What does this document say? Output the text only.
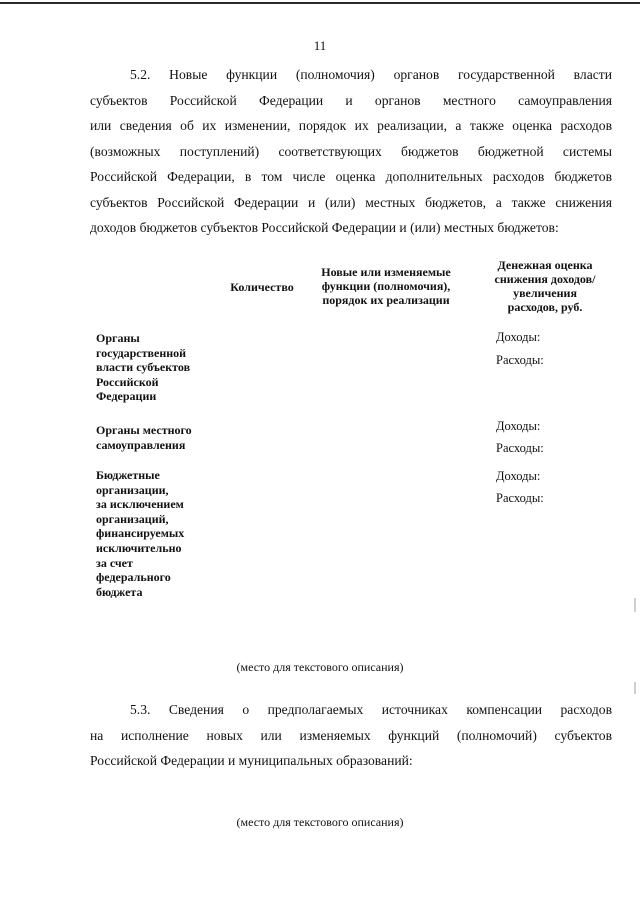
11
5.2. Новые функции (полномочия) органов государственной власти
субъектов Российской Федерации и органов местного самоуправления
или сведения об их изменении, порядок их реализации, а также оценка расходов
(возможных поступлений) соответствующих бюджетов бюджетной системы
Российской Федерации, в том числе оценка дополнительных расходов бюджетов
субъектов Российской Федерации и (или) местных бюджетов, а также снижения
доходов бюджетов субъектов Российской Федерации и (или) местных бюджетов:
Количество
Новые или изменяемые
функции (полномочия),
порядок их реализации
Денежная оценка
снижения доходов/
увеличения
расходов, руб.
Органы
государственной
власти субъектов
Российской
Федерации
Доходы:
Расходы:
Органы местного
самоуправления
Доходы:
Расходы:
Бюджетные
организации,
за исключением
организаций,
финансируемых
исключительно
за счет
федерального
бюджета
Доходы:
Расходы:
(место для текстового описания)
5.3. Сведения о предполагаемых источниках компенсации расходов
на исполнение новых или изменяемых функций (полномочий) субъектов
Российской Федерации и муниципальных образований:
(место для текстового описания)
